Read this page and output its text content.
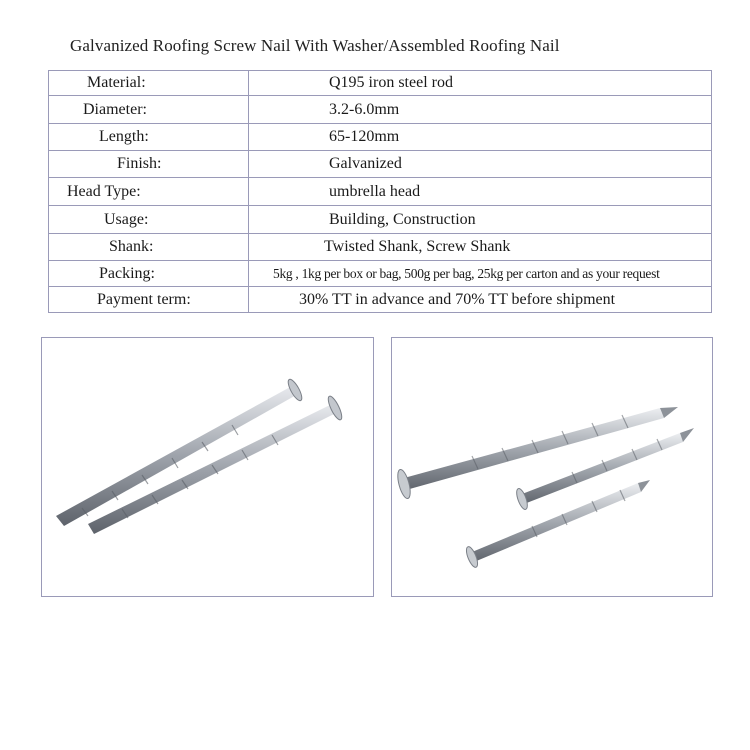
Galvanized Roofing Screw Nail With Washer/Assembled Roofing Nail
Material:	Q195 iron steel rod
Diameter:	3.2-6.0mm
Length:	65-120mm
Finish:	Galvanized
Head Type:	umbrella head
Usage:	Building, Construction
Shank:	Twisted Shank, Screw Shank
Packing:	5kg , 1kg per box or bag, 500g per bag, 25kg per carton and as your request
Payment term:	30% TT in advance and 70% TT before shipment
